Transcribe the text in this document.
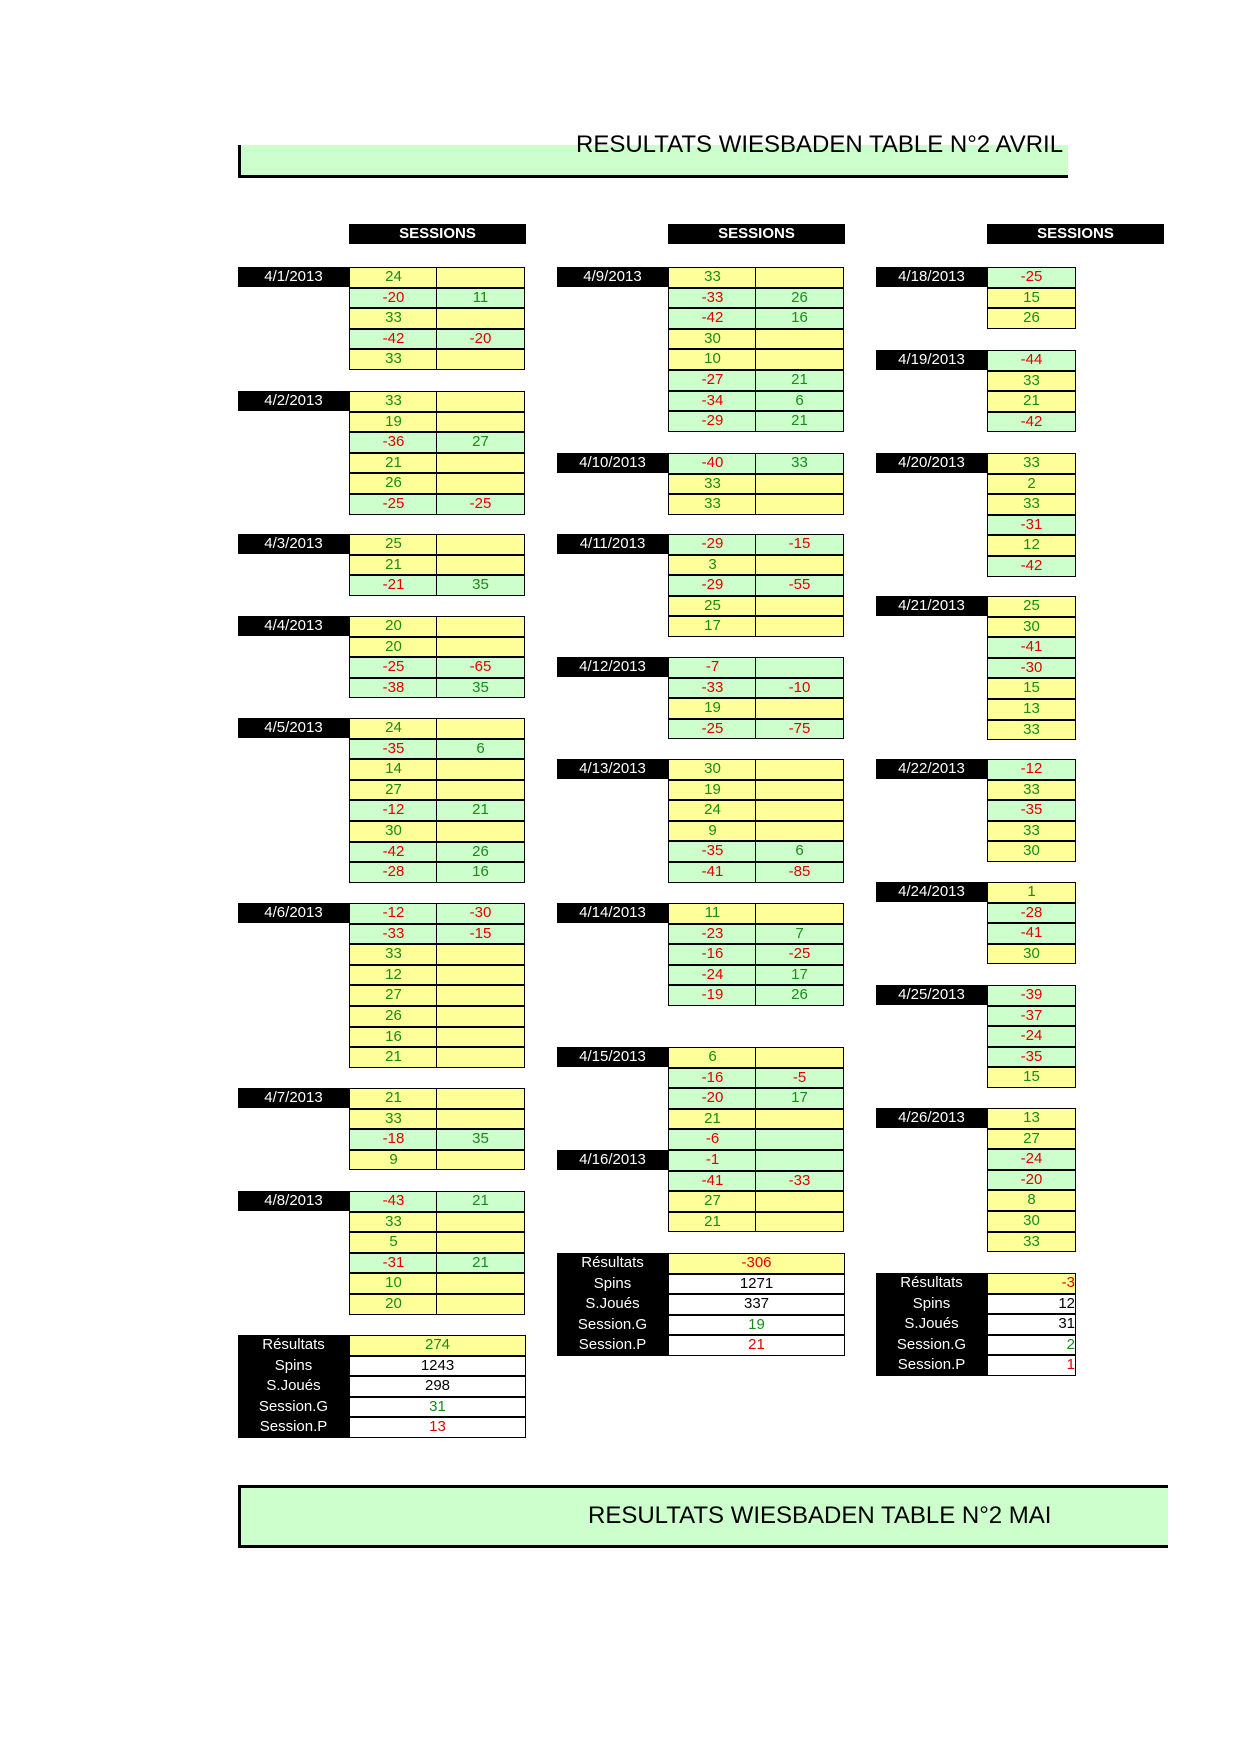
RESULTATS WIESBADEN TABLE N°2 AVRIL
SESSIONS
4/1/2013	24
-20	11
33
-42	-20
33
4/2/2013	33
19
-36	27
21
26
-25	-25
4/3/2013	25
21
-21	35
4/4/2013	20
20
-25	-65
-38	35
4/5/2013	24
-35	6
14
27
-12	21
30
-42	26
-28	16
4/6/2013	-12	-30
-33	-15
33
12
27
26
16
21
4/7/2013	21
33
-18	35
9
4/8/2013	-43	21
33
5
-31	21
10
20
Résultats	274
Spins	1243
S.Joués	298
Session.G	31
Session.P	13
SESSIONS
4/9/2013	33
-33	26
-42	16
30
10
-27	21
-34	6
-29	21
4/10/2013	-40	33
33
33
4/11/2013	-29	-15
3
-29	-55
25
17
4/12/2013	-7
-33	-10
19
-25	-75
4/13/2013	30
19
24
9
-35	6
-41	-85
4/14/2013	11
-23	7
-16	-25
-24	17
-19	26
4/15/2013	6
-16	-5
-20	17
21
-6
4/16/2013	-1
-41	-33
27
21
Résultats	-306
Spins	1271
S.Joués	337
Session.G	19
Session.P	21
SESSIONS
4/18/2013	-25
15
26
4/19/2013	-44
33
21
-42
4/20/2013	33
2
33
-31
12
-42
4/21/2013	25
30
-41
-30
15
13
33
4/22/2013	-12
33
-35
33
30
4/24/2013	1
-28
-41
30
4/25/2013	-39
-37
-24
-35
15
4/26/2013	13
27
-24
-20
8
30
33
Résultats	-3
Spins	12
S.Joués	31
Session.G	2
Session.P	1
RESULTATS WIESBADEN TABLE N°2 MAI
